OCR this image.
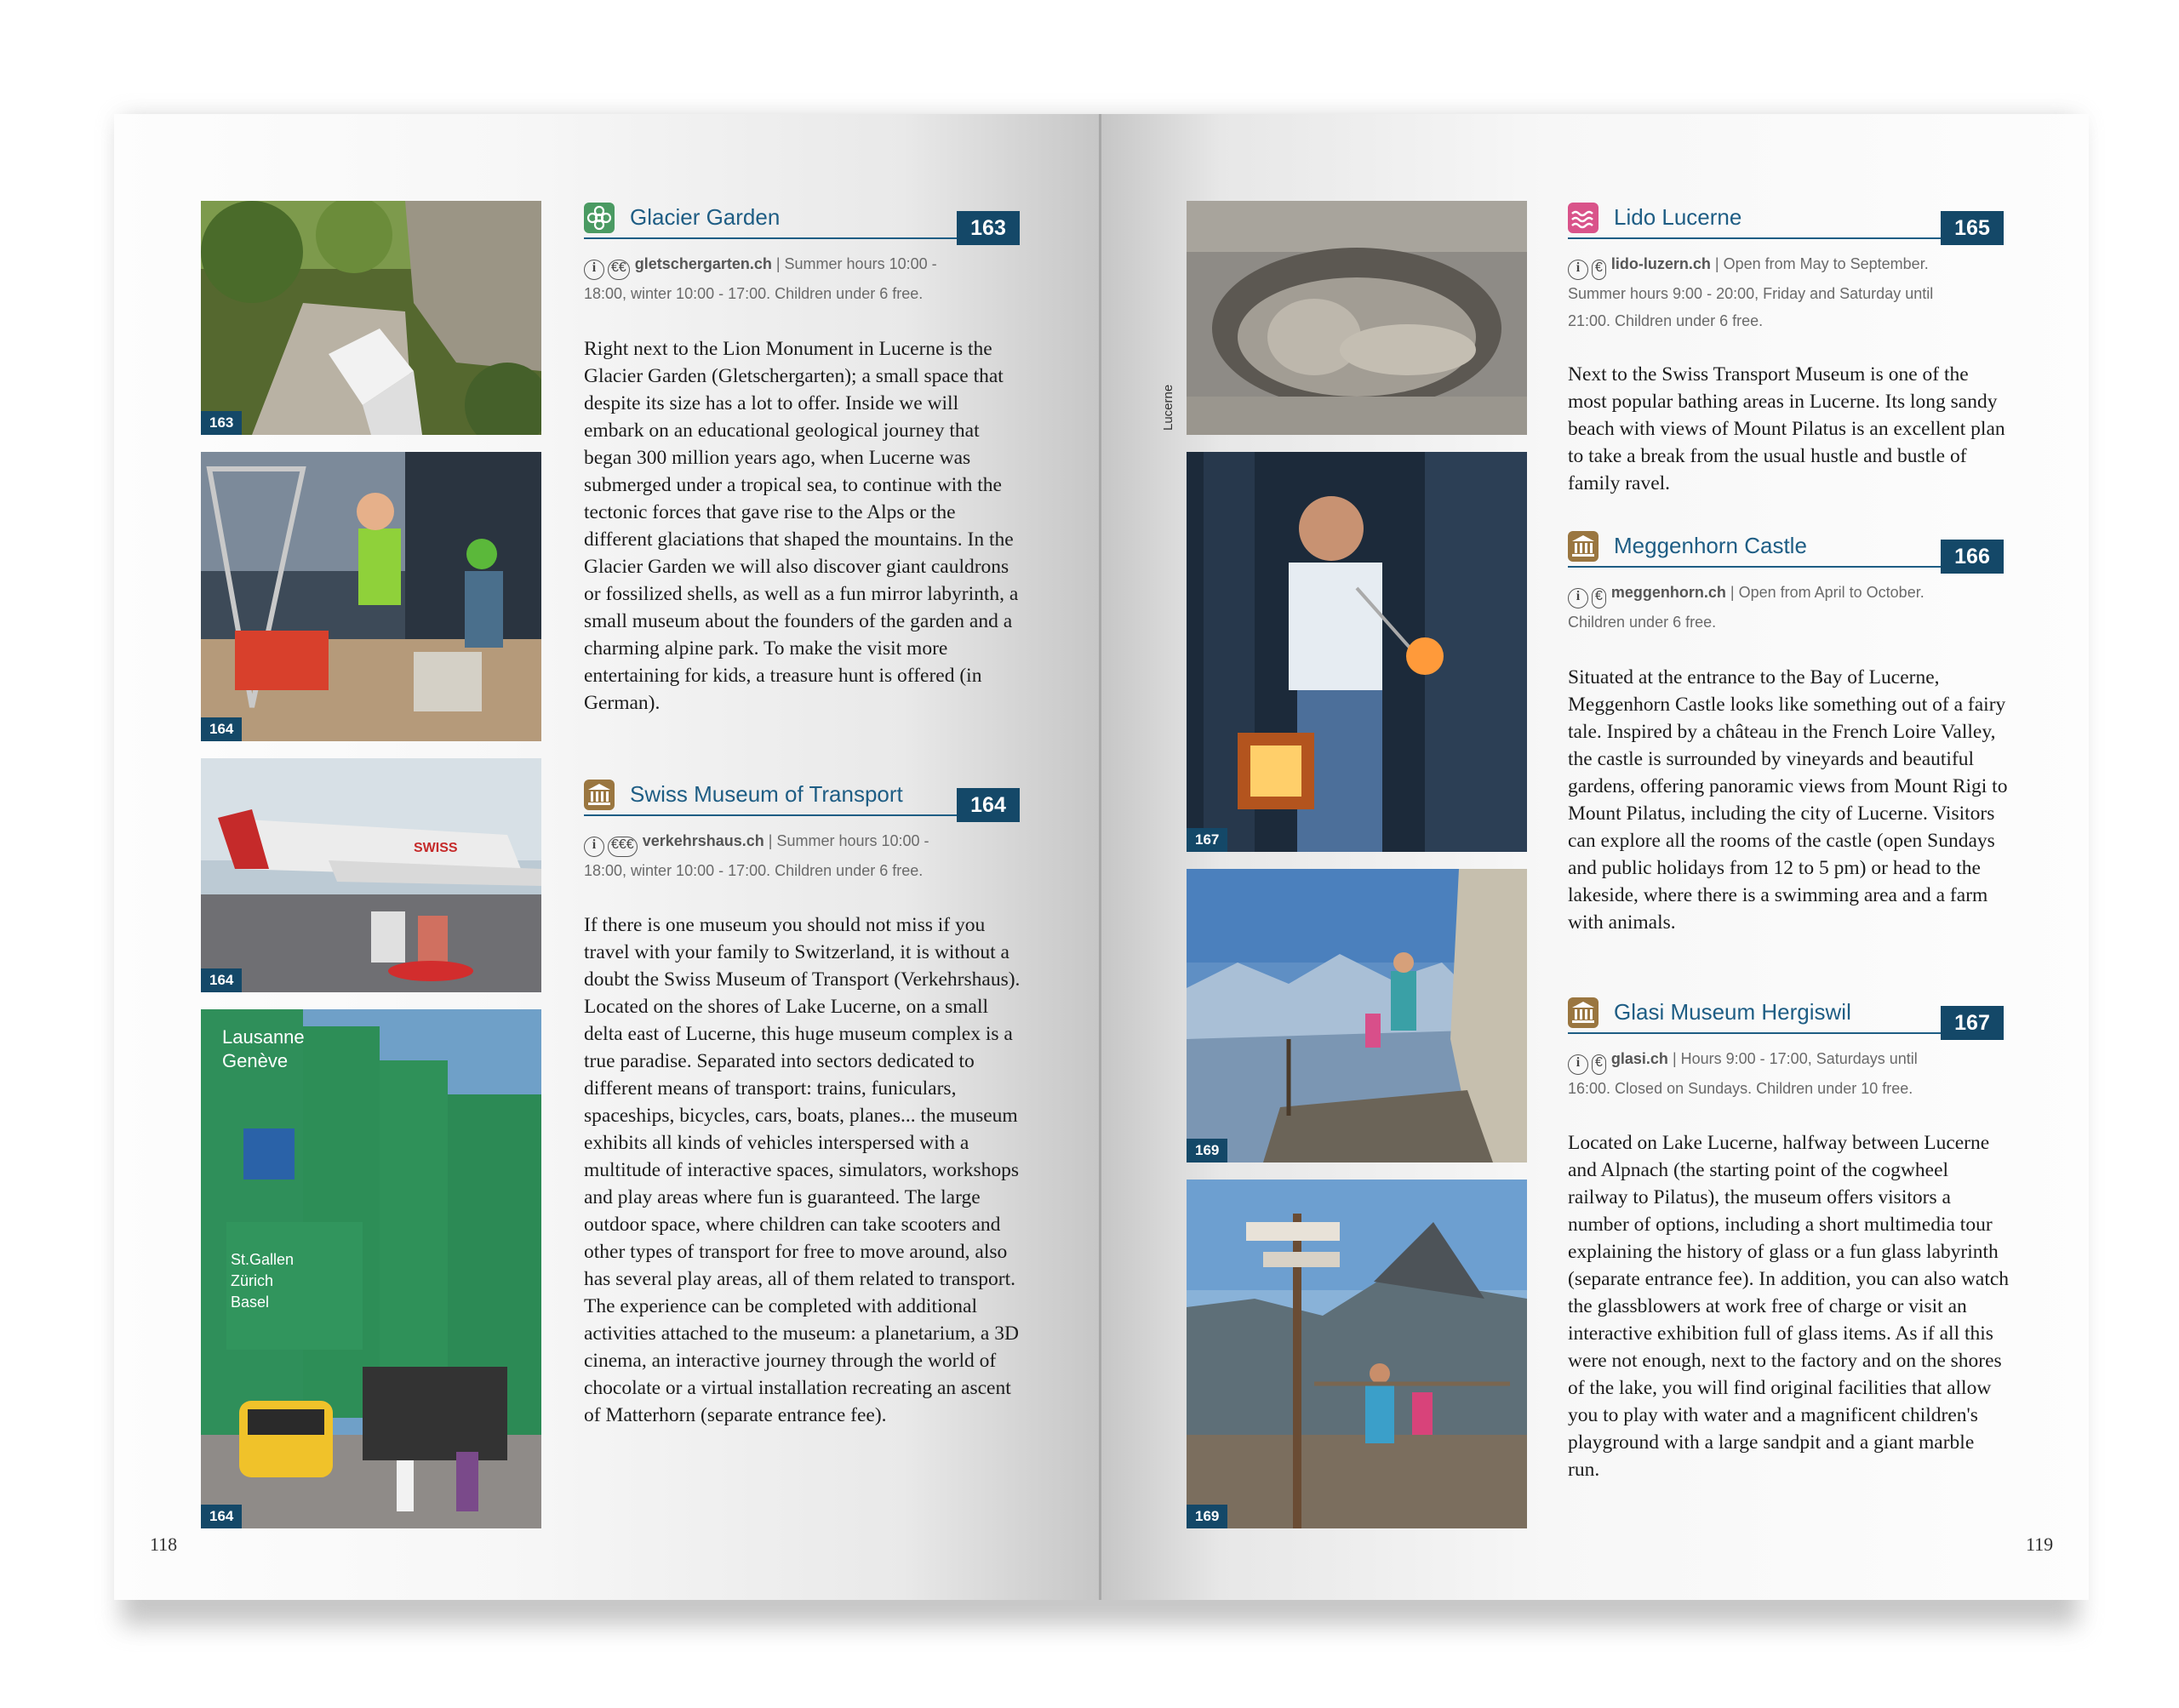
163
164
SWISS
164
Lausanne
Genève
St.Gallen
Zürich
Basel
164
Glacier Garden	163
i €€ gletschergarten.ch | Summer hours 10:00 -
18:00, winter 10:00 - 17:00. Children under 6 free.
Right next to the Lion Monument in Lucerne is the Glacier Garden (Gletschergarten); a small space that despite its size has a lot to offer. Inside we will embark on an educational geological journey that began 300 million years ago, when Lucerne was submerged under a tropical sea, to continue with the tectonic forces that gave rise to the Alps or the different glaciations that shaped the mountains. In the Glacier Garden we will also discover giant cauldrons or fossilized shells, as well as a fun mirror labyrinth, a small museum about the founders of the garden and a charming alpine park. To make the visit more entertaining for kids, a treasure hunt is offered (in German).
Swiss Museum of Transport	164
i €€€ verkehrshaus.ch | Summer hours 10:00 -
18:00, winter 10:00 - 17:00. Children under 6 free.
If there is one museum you should not miss if you travel with your family to Switzerland, it is without a doubt the Swiss Museum of Transport (Verkehrshaus). Located on the shores of Lake Lucerne, on a small delta east of Lucerne, this huge museum complex is a true paradise. Separated into sectors dedicated to different means of transport: trains, funiculars, spaceships, bicycles, cars, boats, planes... the museum exhibits all kinds of vehicles interspersed with a multitude of interactive spaces, simulators, workshops and play areas where fun is guaranteed. The large outdoor space, where children can take scooters and other types of transport for free to move around, also has several play areas, all of them related to transport. The experience can be completed with additional activities attached to the museum: a planetarium, a 3D cinema, an interactive journey through the world of chocolate or a virtual installation recreating an ascent of Matterhorn (separate entrance fee).
118
Lucerne
167
169
169
Lido Lucerne	165
i € lido-luzern.ch | Open from May to September.
Summer hours 9:00 - 20:00, Friday and Saturday until
21:00. Children under 6 free.
Next to the Swiss Transport Museum is one of the most popular bathing areas in Lucerne. Its long sandy beach with views of Mount Pilatus is an excellent plan to take a break from the usual hustle and bustle of family ravel.
Meggenhorn Castle	166
i € meggenhorn.ch | Open from April to October.
Children under 6 free.
Situated at the entrance to the Bay of Lucerne, Meggenhorn Castle looks like something out of a fairy tale. Inspired by a château in the French Loire Valley, the castle is surrounded by vineyards and beautiful gardens, offering panoramic views from Mount Rigi to Mount Pilatus, including the city of Lucerne. Visitors can explore all the rooms of the castle (open Sundays and public holidays from 12 to 5 pm) or head to the lakeside, where there is a swimming area and a farm with animals.
Glasi Museum Hergiswil	167
i € glasi.ch | Hours 9:00 - 17:00, Saturdays until
16:00. Closed on Sundays. Children under 10 free.
Located on Lake Lucerne, halfway between Lucerne and Alpnach (the starting point of the cogwheel railway to Pilatus), the museum offers visitors a number of options, including a short multimedia tour explaining the history of glass or a fun glass labyrinth (separate entrance fee). In addition, you can also watch the glassblowers at work free of charge or visit an interactive exhibition full of glass items. As if all this were not enough, next to the factory and on the shores of the lake, you will find original facilities that allow you to play with water and a magnificent children's playground with a large sandpit and a giant marble run.
119
